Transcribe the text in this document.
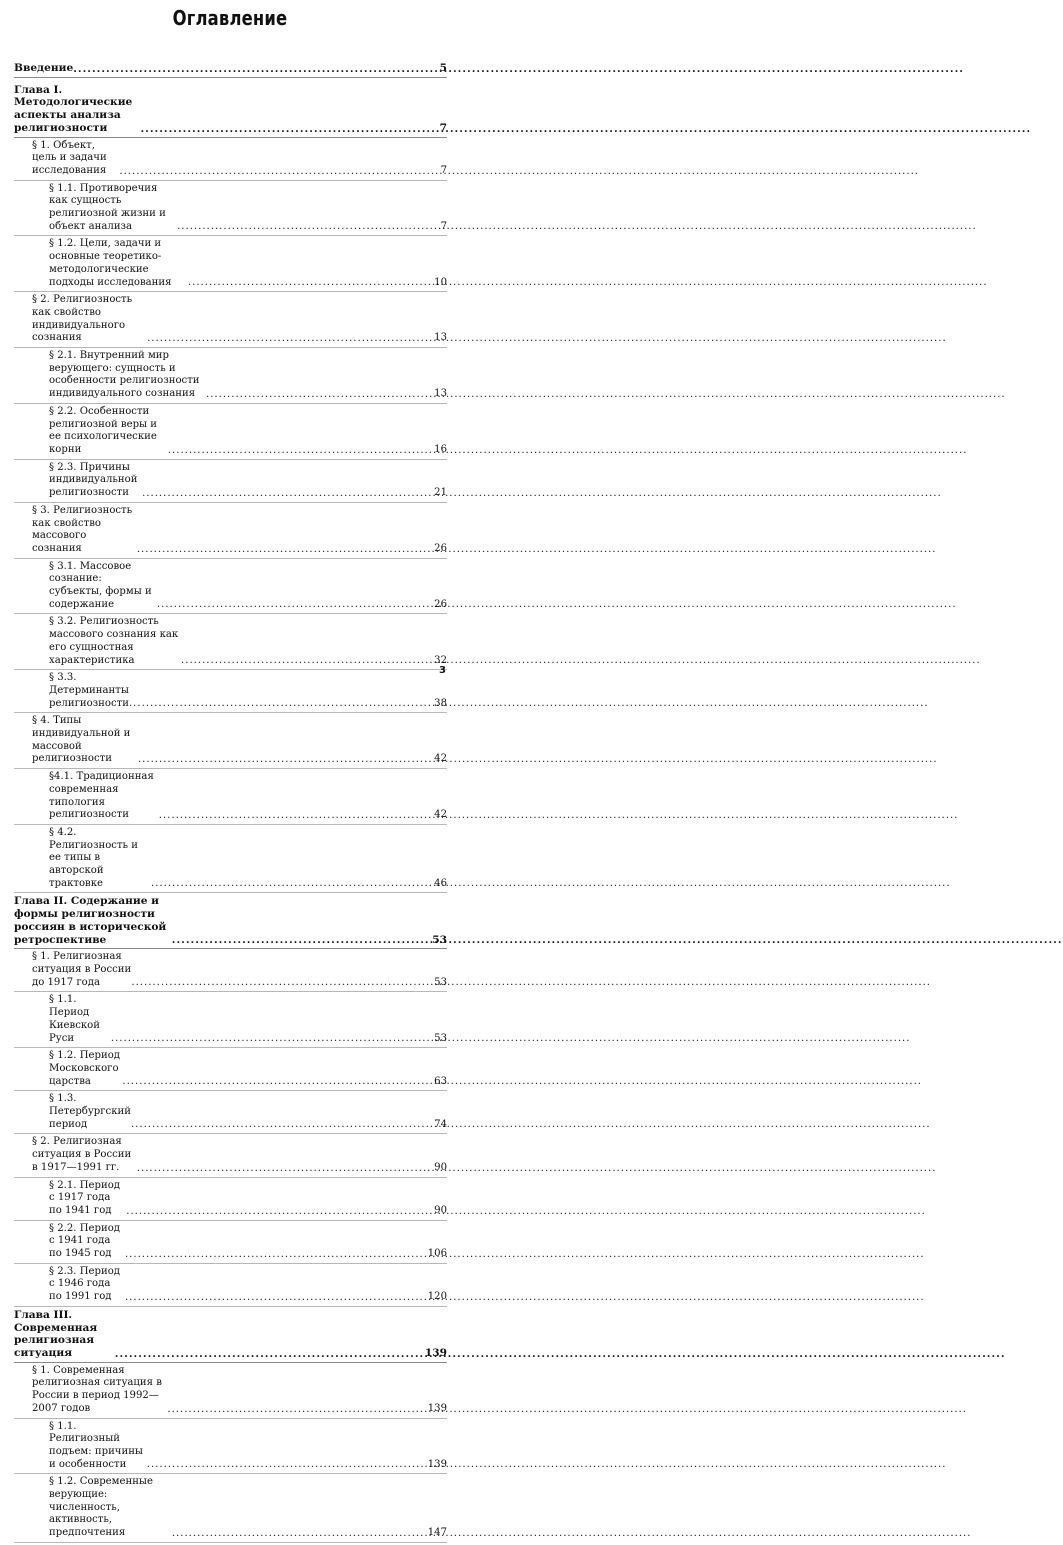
Оглавление
Введение .....	5
Глава I. Методологические аспекты анализа религиозности .....	7
§ 1. Объект, цель и задачи исследования .....	7
§ 1.1. Противоречия как сущность религиозной жизни и объект анализа .....	7
§ 1.2. Цели, задачи и основные теоретико-методологические подходы исследования .....	10
§ 2. Религиозность как свойство индивидуального сознания .....	13
§ 2.1. Внутренний мир верующего: сущность и особенности религиозности индивидуального сознания .....	13
§ 2.2. Особенности религиозной веры и ее психологические корни .....	16
§ 2.3. Причины индивидуальной религиозности .....	21
§ 3. Религиозность как свойство массового сознания .....	26
§ 3.1. Массовое сознание: субъекты, формы и содержание .....	26
§ 3.2. Религиозность массового сознания как его сущностная характеристика .....	32
§ 3.3. Детерминанты религиозности .....	38
§ 4. Типы индивидуальной и массовой религиозности .....	42
§4.1. Традиционная современная типология религиозности .....	42
§ 4.2. Религиозность и ее типы в авторской трактовке .....	46
Глава II. Содержание и формы религиозности россиян в исторической ретроспективе .....	53
§ 1. Религиозная ситуация в России до 1917 года .....	53
§ 1.1. Период Киевской Руси .....	53
§ 1.2. Период Московского царства .....	63
§ 1.3. Петербургский период .....	74
§ 2. Религиозная ситуация в России в 1917—1991 гг. .....	90
§ 2.1. Период с 1917 года по 1941 год .....	90
§ 2.2. Период с 1941 года по 1945 год .....	106
§ 2.3. Период с 1946 года по 1991 год .....	120
Глава III. Современная религиозная ситуация .....	139
§ 1. Современная религиозная ситуация в России в период 1992— 2007 годов .....	139
§ 1.1. Религиозный подъем: причины и особенности .....	139
§ 1.2. Современные верующие: численность, активность, предпочтения .....	147
3
